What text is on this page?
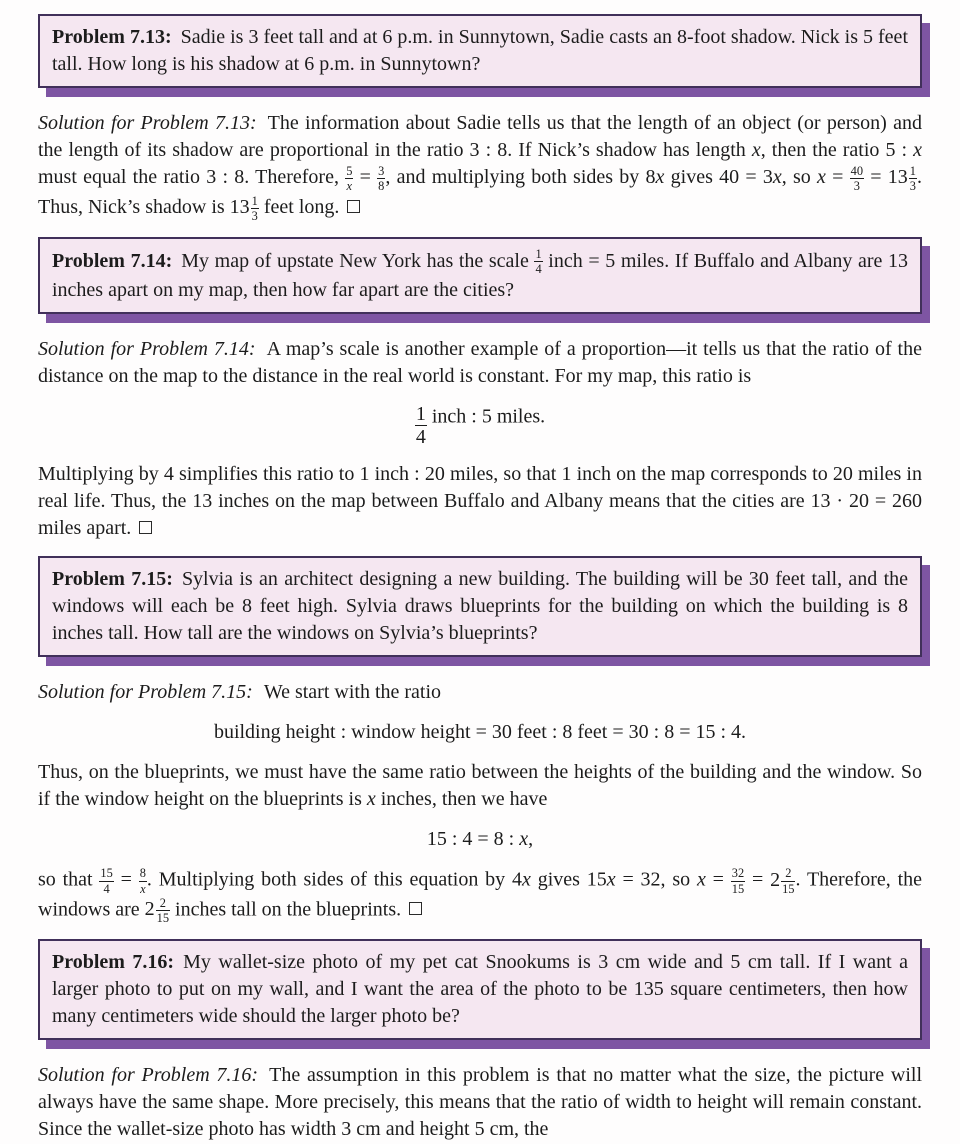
Problem 7.13: Sadie is 3 feet tall and at 6 p.m. in Sunnytown, Sadie casts an 8-foot shadow. Nick is 5 feet tall. How long is his shadow at 6 p.m. in Sunnytown?

Solution for Problem 7.13: The information about Sadie tells us that the length of an object (or person) and the length of its shadow are proportional in the ratio 3 : 8. If Nick’s shadow has length x, then the ratio 5 : x must equal the ratio 3 : 8. Therefore, $\frac{5}{x} = \frac{3}{8}$ , and multiplying both sides by 8x gives 40 = 3x, so $x = \frac{40}{3} = 13 \frac{1}{3}$ . Thus, Nick’s shadow is $13 \frac{1}{3}$ feet long.

Problem 7.14: My map of upstate New York has the scale $\frac{1}{4}$ inch = 5 miles. If Buffalo and Albany are 13 inches apart on my map, then how far apart are the cities?

Solution for Problem 7.14: A map’s scale is another example of a proportion—it tells us that the ratio of the distance on the map to the distance in the real world is constant. For my map, this ratio is

$\frac{1}{4}$ inch : 5 miles.

Multiplying by 4 simplifies this ratio to 1 inch : 20 miles, so that 1 inch on the map corresponds to 20 miles in real life. Thus, the 13 inches on the map between Buffalo and Albany means that the cities are 13 · 20 = 260 miles apart.

Problem 7.15: Sylvia is an architect designing a new building. The building will be 30 feet tall, and the windows will each be 8 feet high. Sylvia draws blueprints for the building on which the building is 8 inches tall. How tall are the windows on Sylvia’s blueprints?

Solution for Problem 7.15: We start with the ratio

building height : window height = 30 feet : 8 feet = 30 : 8 = 15 : 4.

Thus, on the blueprints, we must have the same ratio between the heights of the building and the window. So if the window height on the blueprints is x inches, then we have

15 : 4 = 8 : x,

so that $\frac{15}{4} = \frac{8}{x}$ . Multiplying both sides of this equation by 4x gives 15x = 32, so $x = \frac{32}{15} = 2 \frac{2}{15}$ . Therefore, the windows are $2 \frac{2}{15}$ inches tall on the blueprints.

Problem 7.16: My wallet-size photo of my pet cat Snookums is 3 cm wide and 5 cm tall. If I want a larger photo to put on my wall, and I want the area of the photo to be 135 square centimeters, then how many centimeters wide should the larger photo be?

Solution for Problem 7.16: The assumption in this problem is that no matter what the size, the picture will always have the same shape. More precisely, this means that the ratio of width to height will remain constant. Since the wallet-size photo has width 3 cm and height 5 cm, the
